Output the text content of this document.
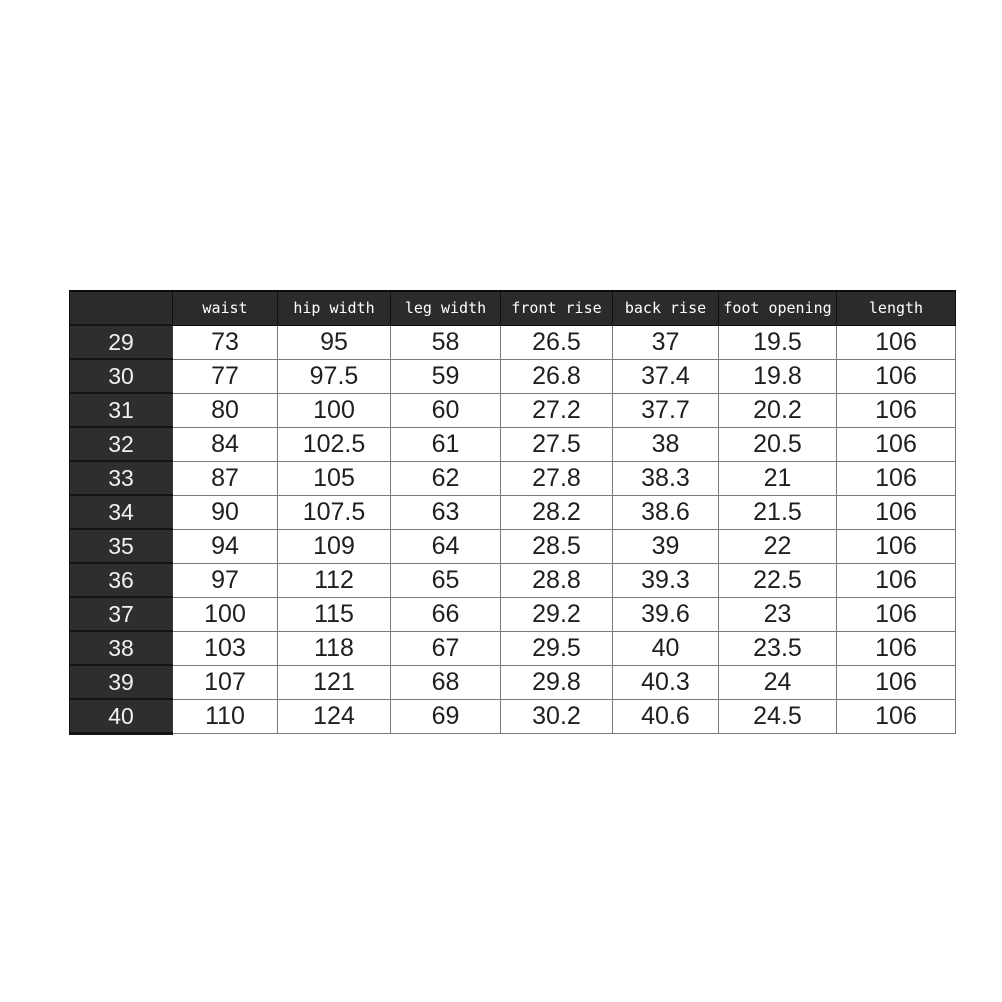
	waist	hip width	leg width	front rise	back rise	foot opening	length
29	73	95	58	26.5	37	19.5	106
30	77	97.5	59	26.8	37.4	19.8	106
31	80	100	60	27.2	37.7	20.2	106
32	84	102.5	61	27.5	38	20.5	106
33	87	105	62	27.8	38.3	21	106
34	90	107.5	63	28.2	38.6	21.5	106
35	94	109	64	28.5	39	22	106
36	97	112	65	28.8	39.3	22.5	106
37	100	115	66	29.2	39.6	23	106
38	103	118	67	29.5	40	23.5	106
39	107	121	68	29.8	40.3	24	106
40	110	124	69	30.2	40.6	24.5	106
